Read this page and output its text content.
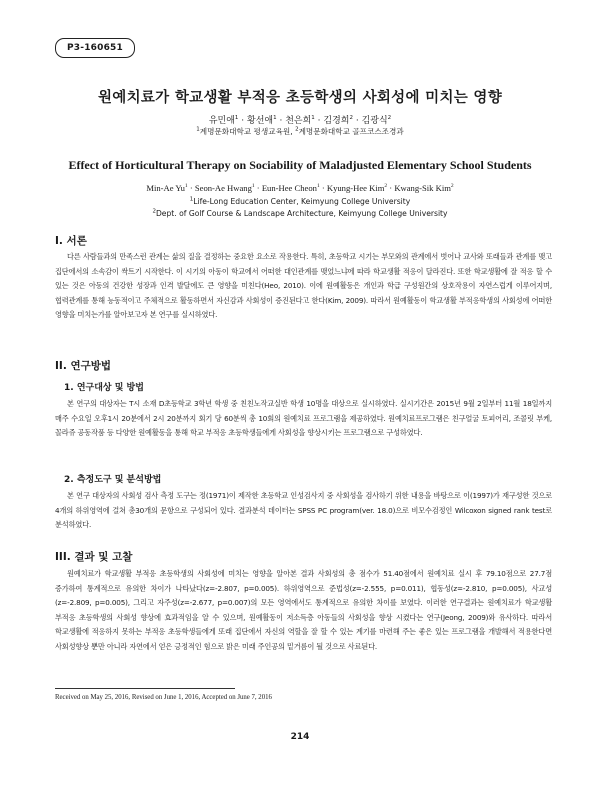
P3-160651
원예치료가 학교생활 부적응 초등학생의 사회성에 미치는 영향
유민애$^1$ · 황선애$^1$ · 천은희$^1$ · 김경희$^2$ · 김광식$^2$
$^1$계명문화대학교 평생교육원, $^2$계명문화대학교 골프코스조경과
Effect of Horticultural Therapy on Sociability of Maladjusted Elementary School Students
Min-Ae $Yu^1$ · Seon-Ae Hwang$^1$ · Eun-Hee Cheon$^1$ · Kyung-Hee Kim$^2$ · Kwang-Sik Kim$^2$
$^1$Life-Long Education Center, Keimyung College University
$^2$Dept. of Golf Course & Landscape Architecture, Keimyung College University
I. 서론
다른 사람들과의 만족스런 관계는 삶의 질을 결정하는 중요한 요소로 작용한다. 특히, 초등학교 시기는 부모와의 관계에서 벗어나 교사와 또래들과 관계를 맺고 집단에서의 소속감이 싹트기 시작한다. 이 시기의 아동이 학교에서 어떠한 대인관계를 맺었느냐에 따라 학교생활 적응이 달라진다. 또한 학교생활에 잘 적응 할 수 있는 것은 아동의 건강한 성장과 인격 발달에도 큰 영향을 미친다(Heo, 2010). 이에 원예활동은 개인과 학급 구성원간의 상호작용이 자연스럽게 이루어지며, 협력관계를 통해 능동적이고 주체적으로 활동하면서 자신감과 사회성이 증진된다고 한다(Kim, 2009). 따라서 원예활동이 학교생활 부적응학생의 사회성에 어떠한 영향을 미치는가를 알아보고자 본 연구를 실시하였다.
II. 연구방법
1. 연구대상 및 방법
본 연구의 대상자는 T시 소재 D초등학교 3학년 학생 중 친친노작교실반 학생 10명을 대상으로 실시하였다. 실시기간은 2015년 9월 2일부터 11월 18일까지 매주 수요일 오후1시 20분에서 2시 20분까지 회기 당 60분씩 총 10회의 원예치료 프로그램을 제공하였다. 원예치료프로그램은 친구얼굴 토피어리, 조콜릿 부케, 꼴라쥬 공동작품 등 다양한 원예활동을 통해 학교 부적응 초등학생들에게 사회성을 향상시키는 프로그램으로 구성하였다.
2. 측정도구 및 분석방법
본 연구 대상자의 사회성 검사 측정 도구는 정(1971)이 제작한 초등학교 인성검사지 중 사회성을 검사하기 위한 내용을 바탕으로 이(1997)가 재구성한 것으로 4개의 하위영역에 걸쳐 총30개의 문항으로 구성되어 있다. 결과분석 데이터는 SPSS PC program(ver. 18.0)으로 비모수검정인 Wilcoxon signed rank test로 분석하였다.
III. 결과 및 고찰
원예치료가 학교생활 부적응 초등학생의 사회성에 미치는 영향을 알아본 결과 사회성의 총 점수가 51.40점에서 원예치료 실시 후 79.10점으로 27.7점 증가하여 통계적으로 유의한 차이가 나타났다(z=-2.807, p=0.005). 하위영역으로 준법성(z=-2.555, p=0.011), 협동성(z=-2.810, p=0.005), 사교성(z=-2.809, p=0.005), 그리고 자주성(z=-2.677, p=0.007)의 모든 영역에서도 통계적으로 유의한 차이를 보였다. 이러한 연구결과는 원예치료가 학교생활 부적응 초등학생의 사회성 향상에 효과적임을 알 수 있으며, 원예활동이 저소득층 아동들의 사회성을 향상 시켰다는 연구(Jeong, 2009)와 유사하다. 따라서 학교생활에 적응하지 못하는 부적응 초등학생들에게 또래 집단에서 자신의 역할을 잘 할 수 있는 계기를 마련해 주는 좋은 있는 프로그램을 개발해서 적용한다면 사회성향상 뿐만 아니라 자연에서 얻은 긍정적인 힘으로 밝은 미래 주인공의 밑거름이 될 것으로 사료된다.
Received on May 25, 2016, Revised on June 1, 2016, Accepted on June 7, 2016
214
